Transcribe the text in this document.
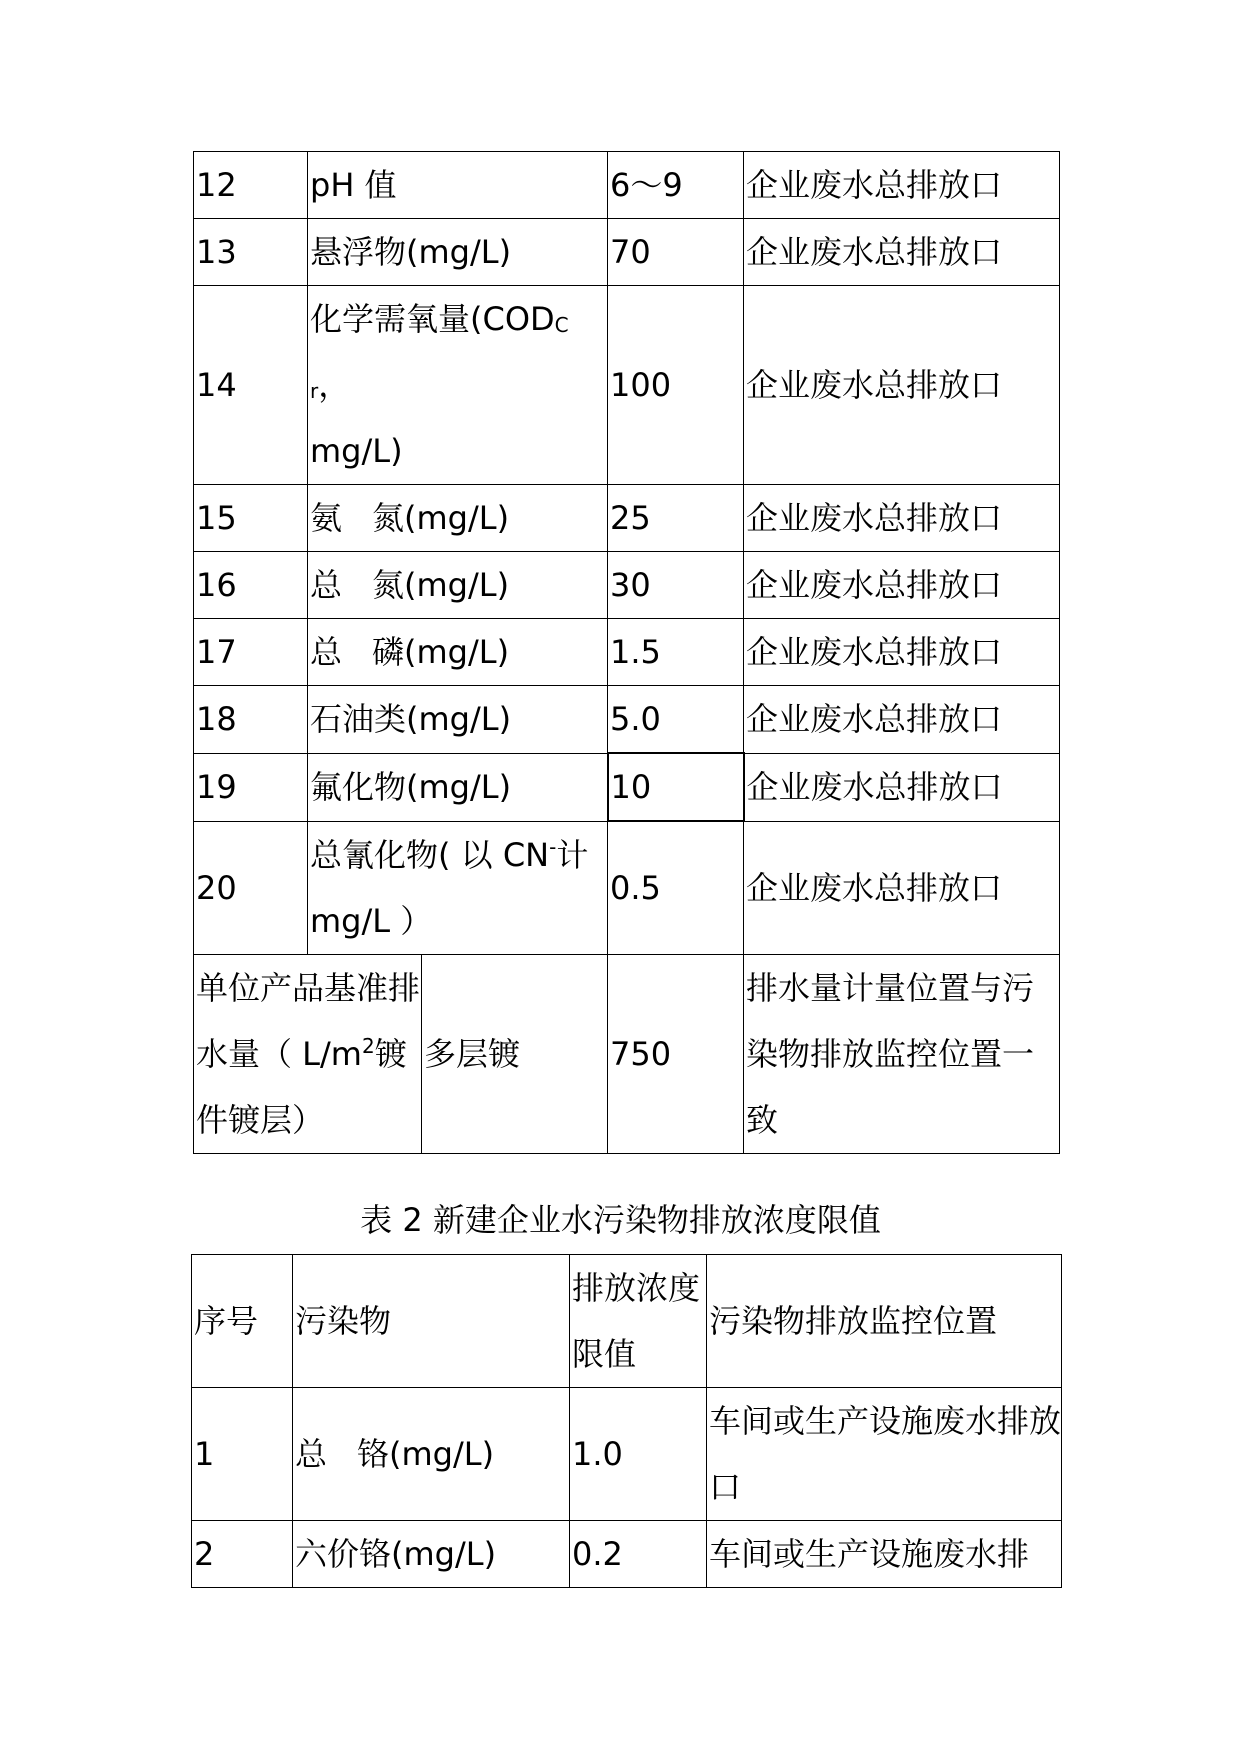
12	pH 值		6～9	企业废水总排放口
13	悬浮物(mg/L)		70	企业废水总排放口
14	化学需氧量($COD_{Cr}$，
mg/L)		100	企业废水总排放口
15	氨 氮(mg/L)		25	企业废水总排放口
16	总 氮(mg/L)		30	企业废水总排放口
17	总 磷(mg/L)		1.5	企业废水总排放口
18	石油类(mg/L)		5.0	企业废水总排放口
19	氟化物(mg/L)		10	企业废水总排放口
20	总氰化物( 以 CN-计
mg/L ）		0.5	企业废水总排放口
单位产品基准排水量（ $L/m^2$镀件镀层）		多层镀	750	排水量计量位置与污染物排放监控位置一致
表 2 新建企业水污染物排放浓度限值
序号	污染物	排放浓度限值	污染物排放监控位置
1	总 铬(mg/L)	1.0	车间或生产设施废水排放口
2	六价铬(mg/L)	0.2	车间或生产设施废水排
